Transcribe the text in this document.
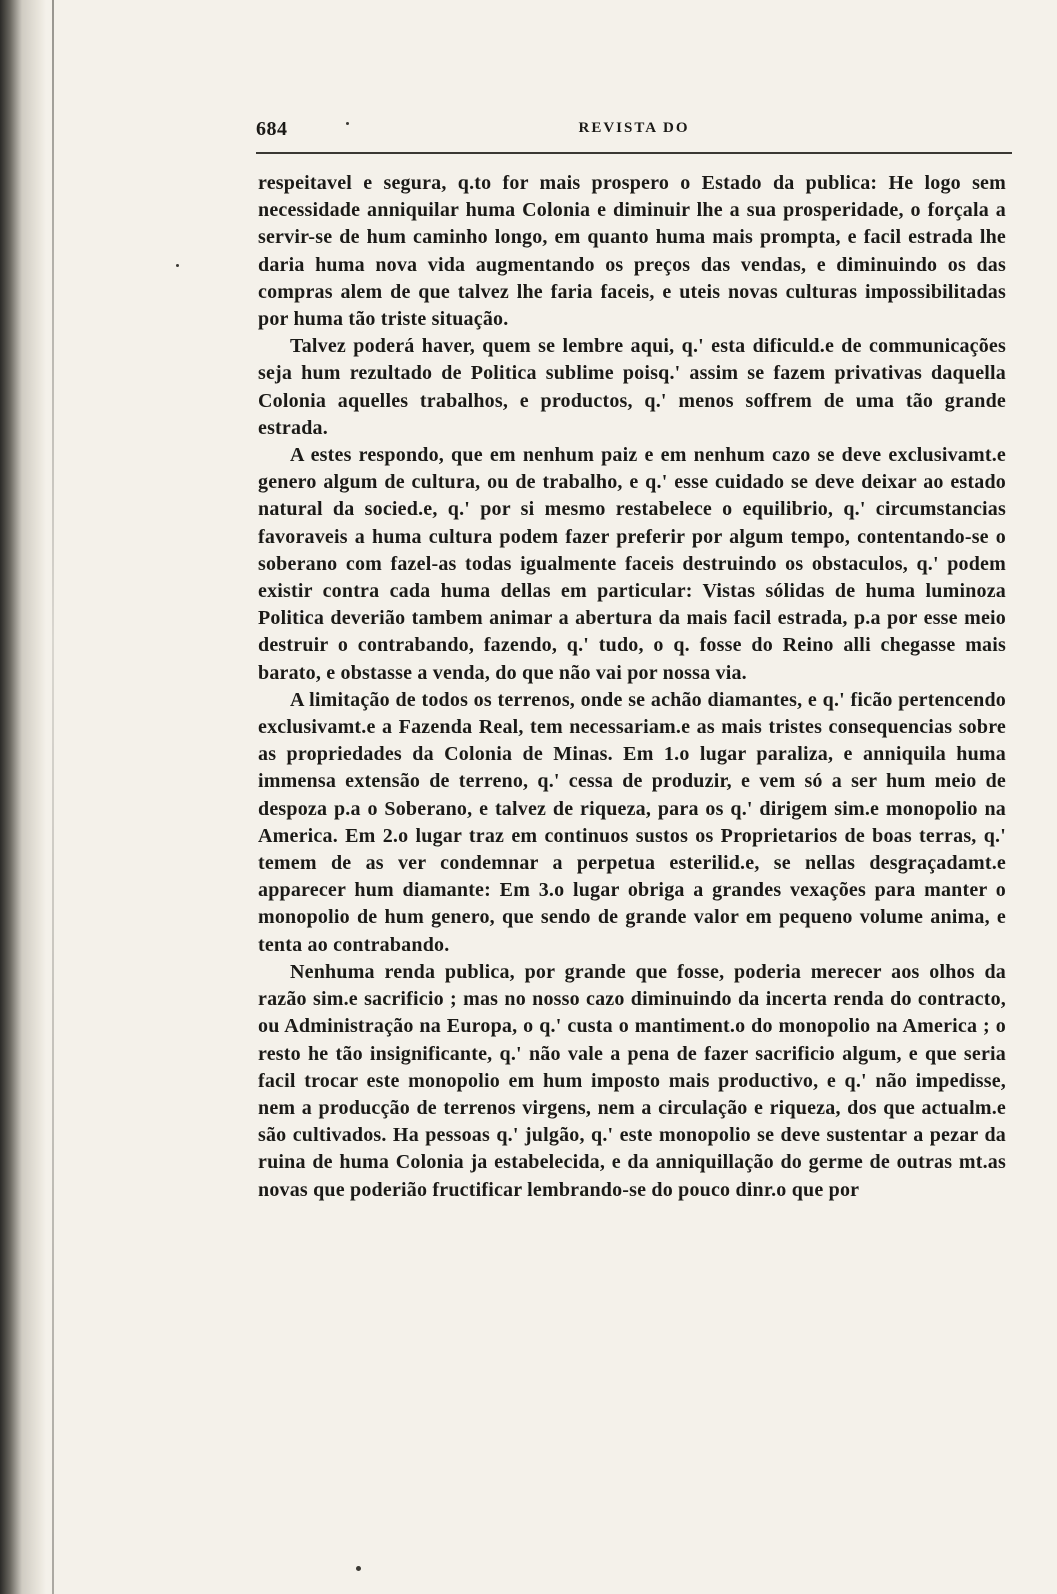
684	REVISTA DO

respeitavel e segura, q.to for mais prospero o Estado da publica: He logo sem necessidade anniquilar huma Colonia e diminuir lhe a sua prosperidade, o forçala a servir-se de hum caminho longo, em quanto huma mais prompta, e facil estrada lhe daria huma nova vida augmentando os preços das vendas, e diminuindo os das compras alem de que talvez lhe faria faceis, e uteis novas culturas impossibilitadas por huma tão triste situação.

Talvez poderá haver, quem se lembre aqui, q.' esta dificuld.e de communicações seja hum rezultado de Politica sublime poisq.' assim se fazem privativas daquella Colonia aquelles trabalhos, e productos, q.' menos soffrem de uma tão grande estrada.

A estes respondo, que em nenhum paiz e em nenhum cazo se deve exclusivamt.e genero algum de cultura, ou de trabalho, e q.' esse cuidado se deve deixar ao estado natural da socied.e, q.' por si mesmo restabelece o equilibrio, q.' circumstancias favoraveis a huma cultura podem fazer preferir por algum tempo, contentando-se o soberano com fazel-as todas igualmente faceis destruindo os obstaculos, q.' podem existir contra cada huma dellas em particular: Vistas sólidas de huma luminoza Politica deverião tambem animar a abertura da mais facil estrada, p.a por esse meio destruir o contrabando, fazendo, q.' tudo, o q. fosse do Reino alli chegasse mais barato, e obstasse a venda, do que não vai por nossa via.

A limitação de todos os terrenos, onde se achão diamantes, e q.' ficão pertencendo exclusivamt.e a Fazenda Real, tem necessariam.e as mais tristes consequencias sobre as propriedades da Colonia de Minas. Em 1.o lugar paraliza, e anniquila huma immensa extensão de terreno, q.' cessa de produzir, e vem só a ser hum meio de despoza p.a o Soberano, e talvez de riqueza, para os q.' dirigem sim.e monopolio na America. Em 2.o lugar traz em continuos sustos os Proprietarios de boas terras, q.' temem de as ver condemnar a perpetua esterilid.e, se nellas desgraçadamt.e apparecer hum diamante: Em 3.o lugar obriga a grandes vexações para manter o monopolio de hum genero, que sendo de grande valor em pequeno volume anima, e tenta ao contrabando.

Nenhuma renda publica, por grande que fosse, poderia merecer aos olhos da razão sim.e sacrificio ; mas no nosso cazo diminuindo da incerta renda do contracto, ou Administração na Europa, o q.' custa o mantiment.o do monopolio na America ; o resto he tão insignificante, q.' não vale a pena de fazer sacrificio algum, e que seria facil trocar este monopolio em hum imposto mais productivo, e q.' não impedisse, nem a producção de terrenos virgens, nem a circulação e riqueza, dos que actualm.e são cultivados. Ha pessoas q.' julgão, q.' este monopolio se deve sustentar a pezar da ruina de huma Colonia ja estabelecida, e da anniquillação do germe de outras mt.as novas que poderião fructificar lembrando-se do pouco dinr.o que por
